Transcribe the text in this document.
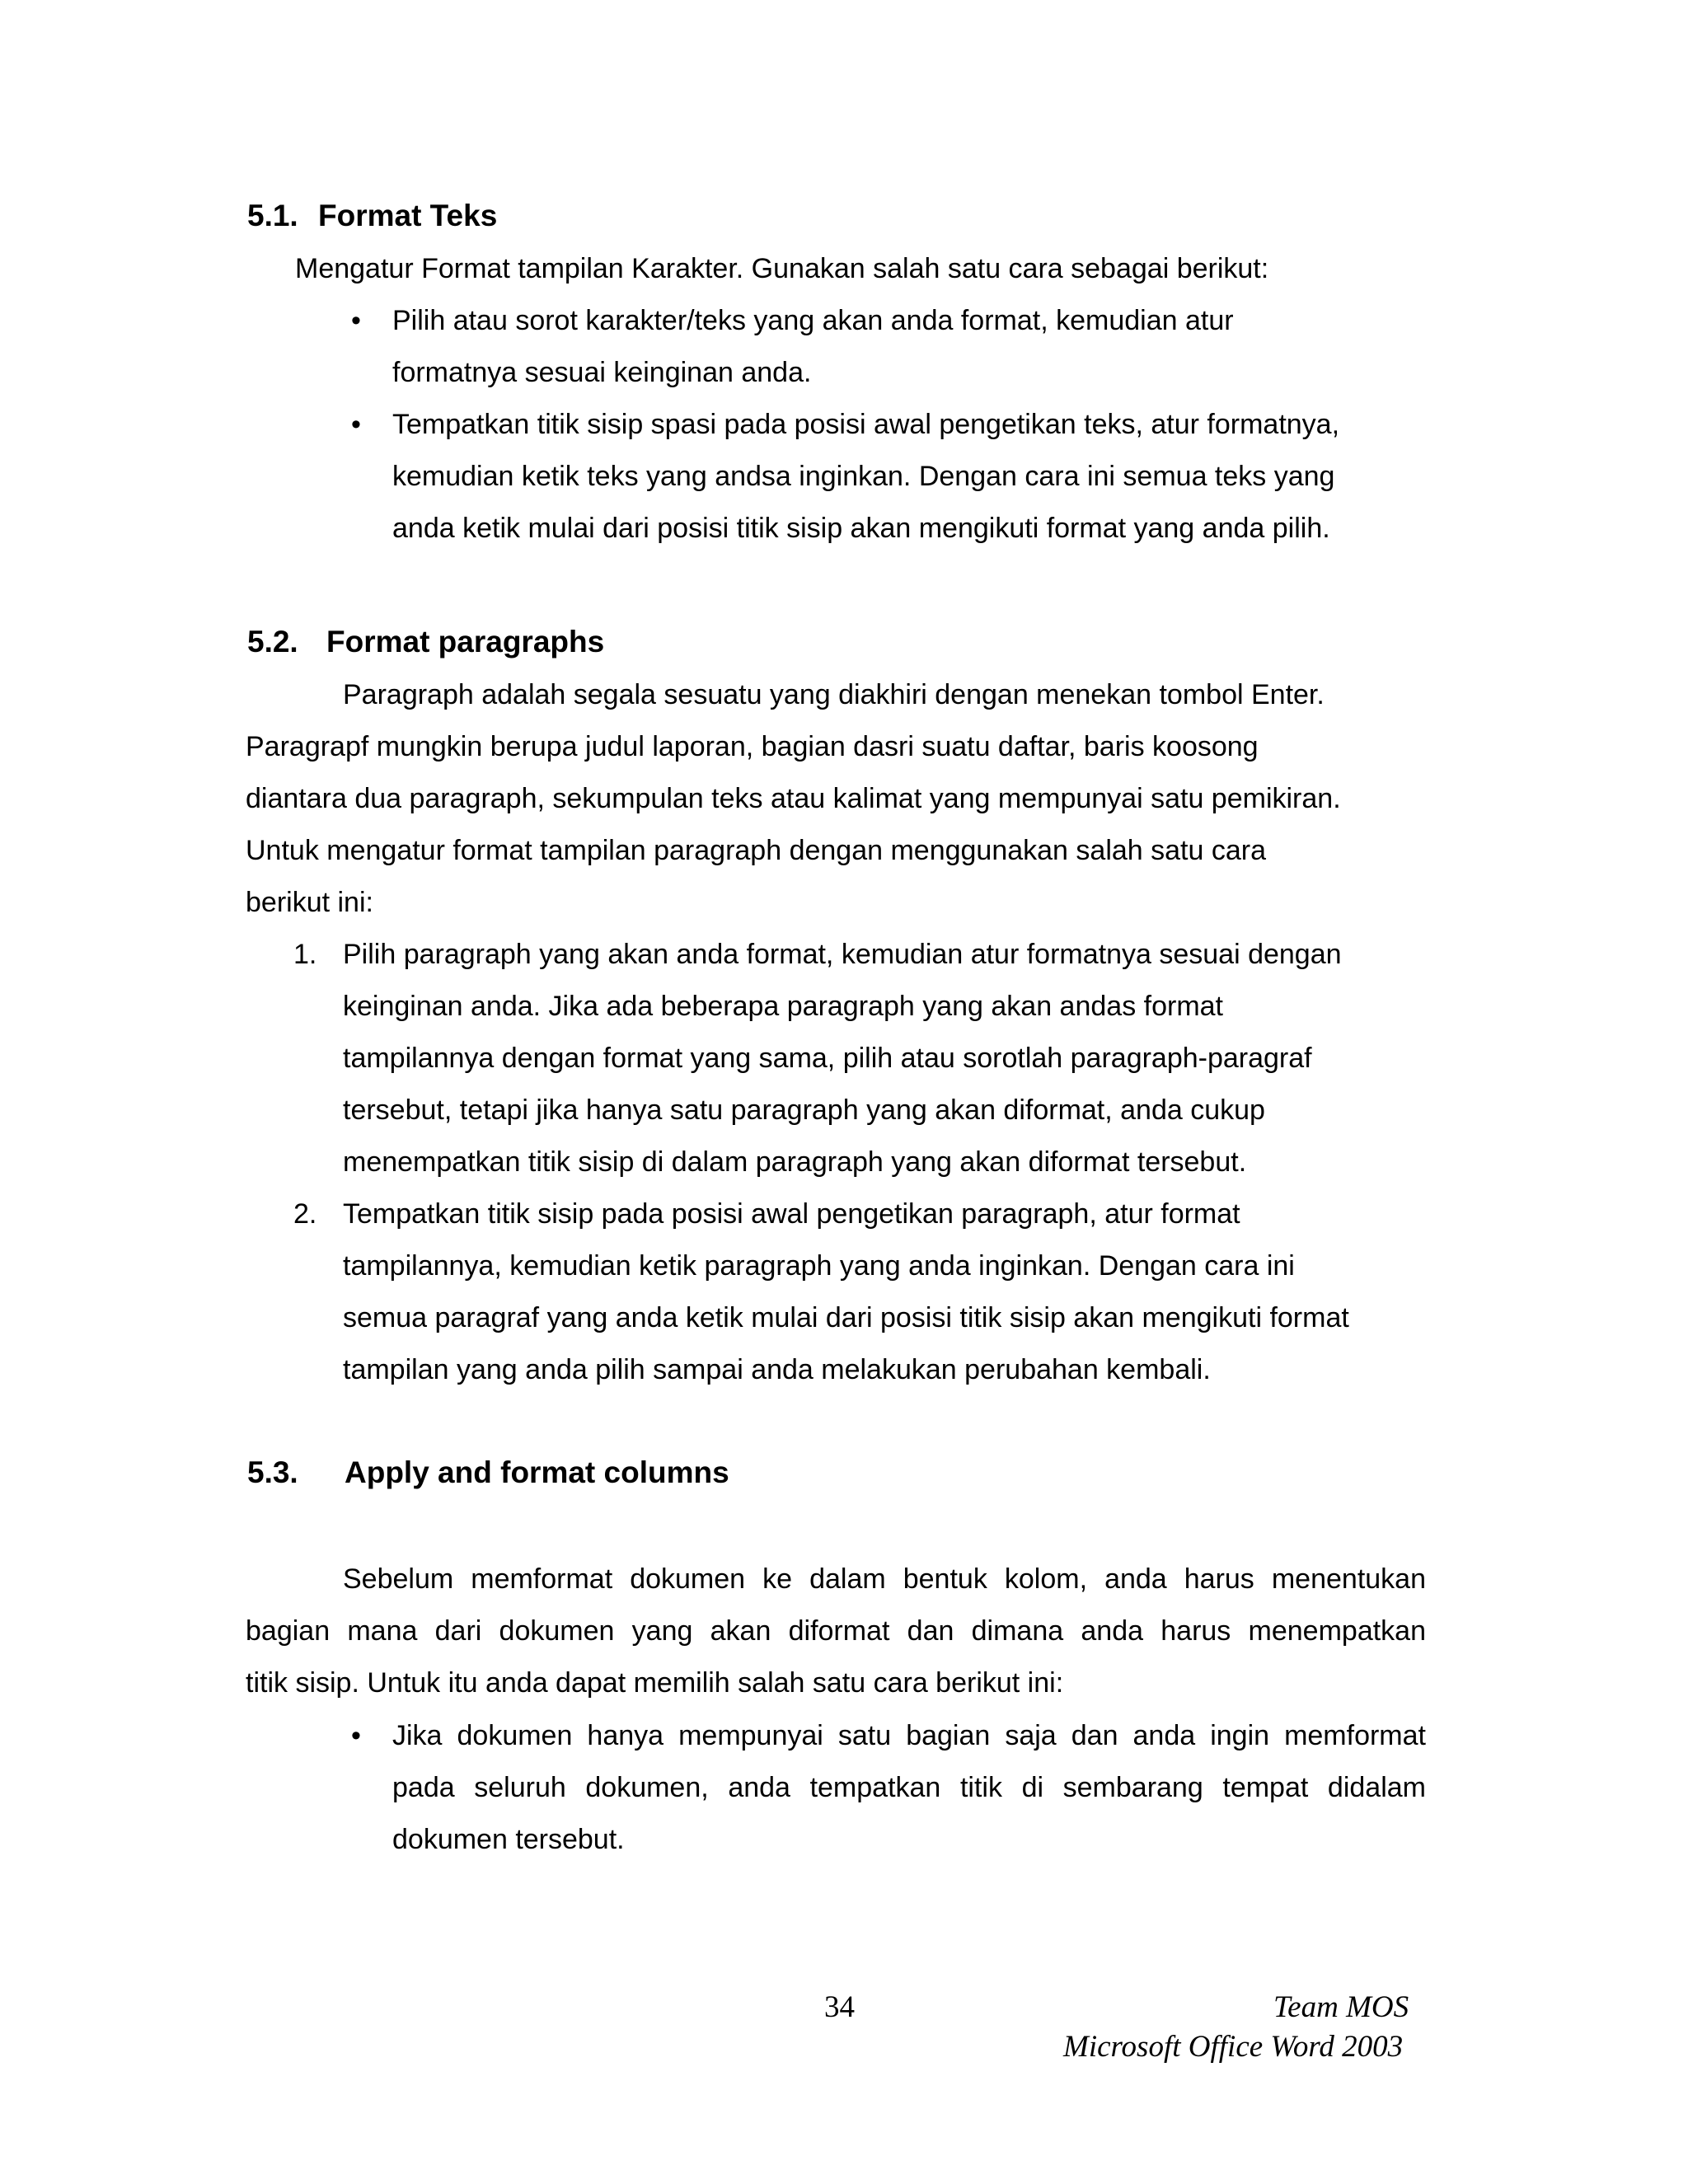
5.1. Format Teks

Mengatur Format tampilan Karakter. Gunakan salah satu cara sebagai berikut:

• Pilih atau sorot karakter/teks yang akan anda format, kemudian atur
formatnya sesuai keinginan anda.
• Tempatkan titik sisip spasi pada posisi awal pengetikan teks, atur formatnya,
kemudian ketik teks yang andsa inginkan. Dengan cara ini semua teks yang
anda ketik mulai dari posisi titik sisip akan mengikuti format yang anda pilih.
5.2. Format paragraphs
Paragraph adalah segala sesuatu yang diakhiri dengan menekan tombol Enter.
Paragrapf mungkin berupa judul laporan, bagian dasri suatu daftar, baris koosong
diantara dua paragraph, sekumpulan teks atau kalimat yang mempunyai satu pemikiran.
Untuk mengatur format tampilan paragraph dengan menggunakan salah satu cara
berikut ini:
1. Pilih paragraph yang akan anda format, kemudian atur formatnya sesuai dengan
keinginan anda. Jika ada beberapa paragraph yang akan andas format
tampilannya dengan format yang sama, pilih atau sorotlah paragraph-paragraf
tersebut, tetapi jika hanya satu paragraph yang akan diformat, anda cukup
menempatkan titik sisip di dalam paragraph yang akan diformat tersebut.
2. Tempatkan titik sisip pada posisi awal pengetikan paragraph, atur format
tampilannya, kemudian ketik paragraph yang anda inginkan. Dengan cara ini
semua paragraf yang anda ketik mulai dari posisi titik sisip akan mengikuti format
tampilan yang anda pilih sampai anda melakukan perubahan kembali.
5.3. Apply and format columns
Sebelum memformat dokumen ke dalam bentuk kolom, anda harus menentukan
bagian mana dari dokumen yang akan diformat dan dimana anda harus menempatkan
titik sisip. Untuk itu anda dapat memilih salah satu cara berikut ini:
• Jika dokumen hanya mempunyai satu bagian saja dan anda ingin memformat
pada seluruh dokumen, anda tempatkan titik di sembarang tempat didalam
dokumen tersebut.
34	Team MOS
Microsoft Office Word 2003
